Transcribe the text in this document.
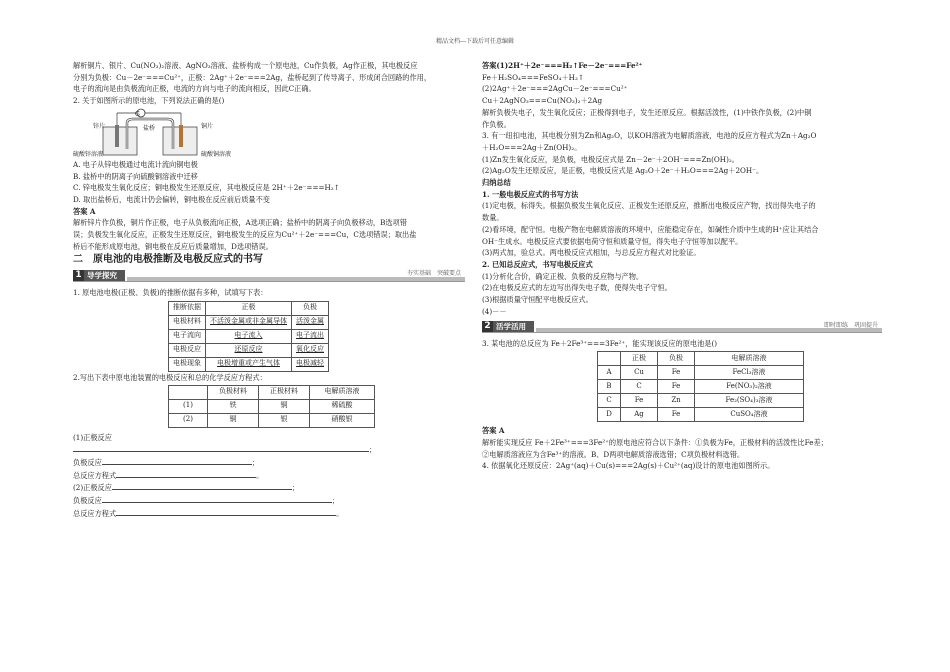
精品文档---下载后可任意编辑

解析铜片、银片、Cu(NO₃)₂溶液、AgNO₃溶液、盐桥构成一个原电池，Cu作负极，Ag作正极，其电极反应

分别为负极：Cu－2e⁻===Cu²⁺，正极：2Ag⁺＋2e⁻===2Ag，盐桥起到了传导离子、形成闭合回路的作用，

电子的流向是由负极流向正极，电流的方向与电子的流向相反，因此C正确。

2. 关于如图所示的原电池，下列说法正确的是()

G
锌片	盐桥	铜片
硫酸锌溶液	硫酸铜溶液

A. 电子从锌电极通过电流计流向铜电极

B. 盐桥中的阴离子向硫酸铜溶液中迁移

C. 锌电极发生氧化反应；铜电极发生还原反应，其电极反应是 2H⁺＋2e⁻===H₂↑

D. 取出盐桥后，电流计仍会偏转，铜电极在反应前后质量不变

答案 A

解析锌片作负极，铜片作正极，电子从负极流向正极，A选项正确；盐桥中的阴离子向负极移动，B选项错

误；负极发生氧化反应，正极发生还原反应，铜电极发生的反应为Cu²⁺＋2e⁻===Cu，C选项错误；取出盐

桥后不能形成原电池，铜电极在反应后质量增加，D选项错误。

二　原电池的电极推断及电极反应式的书写
1 导学探究	夯实基础　突破要点

1. 原电池电极(正极、负极)的推断依据有多种，试填写下表：

推断依据	正极	负极
电极材料	不活泼金属或非金属导体	活泼金属
电子流向	电子流入	电子流出
电极反应	还原反应	氧化反应
电极现象	电极增重或产生气体	电极减轻

2.写出下表中原电池装置的电极反应和总的化学反应方程式：

	负极材料	正极材料	电解质溶液
(1)	铁	铜	稀硫酸
(2)	铜	银	硝酸银

(1)正极反应

；

负极反应	；

总反应方程式	。

(2)正极反应	；

负极反应	；

总反应方程式	。

答案(1)2H⁺＋2e⁻===H₂↑Fe－2e⁻===Fe²⁺

Fe＋H₂SO₄===FeSO₄＋H₂↑

(2)2Ag⁺＋2e⁻===2AgCu－2e⁻===Cu²⁺

Cu＋2AgNO₃===Cu(NO₃)₂＋2Ag

解析负极失电子，发生氧化反应；正极得到电子，发生还原反应。根据活泼性，(1)中铁作负极，(2)中铜

作负极。

3. 有一纽扣电池，其电极分别为Zn和Ag₂O，以KOH溶液为电解质溶液，电池的反应方程式为Zn＋Ag₂O

＋H₂O===2Ag＋Zn(OH)₂。

(1)Zn发生氧化反应，是负极，电极反应式是 Zn－2e⁻＋2OH⁻===Zn(OH)₂。

(2)Ag₂O发生还原反应，是正极，电极反应式是 Ag₂O＋2e⁻＋H₂O===2Ag＋2OH⁻。

归纳总结

1. 一般电极反应式的书写方法

(1)定电极，标得失。根据负极发生氧化反应、正极发生还原反应，推断出电极反应产物，找出得失电子的

数量。

(2)看环境，配守恒。电极产物在电解质溶液的环境中，应能稳定存在，如碱性介质中生成的H⁺应让其结合

OH⁻生成水。电极反应式要依据电荷守恒和质量守恒，得失电子守恒等加以配平。

(3)两式加，验总式。两电极反应式相加，与总反应方程式对比验证。

2. 已知总反应式，书写电极反应式

(1)分析化合价，确定正极、负极的反应物与产物。

(2)在电极反应式的左边写出得失电子数，使得失电子守恒。

(3)根据质量守恒配平电极反应式。

(4)－－

2 活学活用	即时即练　巩固提升

3. 某电池的总反应为 Fe＋2Fe³⁺===3Fe²⁺，能实现该反应的原电池是()

	正极	负极	电解质溶液
A	Cu	Fe	FeCl₃溶液
B	C	Fe	Fe(NO₃)₂溶液
C	Fe	Zn	Fe₂(SO₄)₃溶液
D	Ag	Fe	CuSO₄溶液

答案 A

解析能实现反应 Fe＋2Fe³⁺===3Fe²⁺的原电池应符合以下条件：①负极为Fe，正极材料的活泼性比Fe差；

②电解质溶液应为含Fe³⁺的溶液。B、D两项电解质溶液选错；C项负极材料选错。

4. 依据氧化还原反应：2Ag⁺(aq)＋Cu(s)===2Ag(s)＋Cu²⁺(aq)设计的原电池如图所示。
